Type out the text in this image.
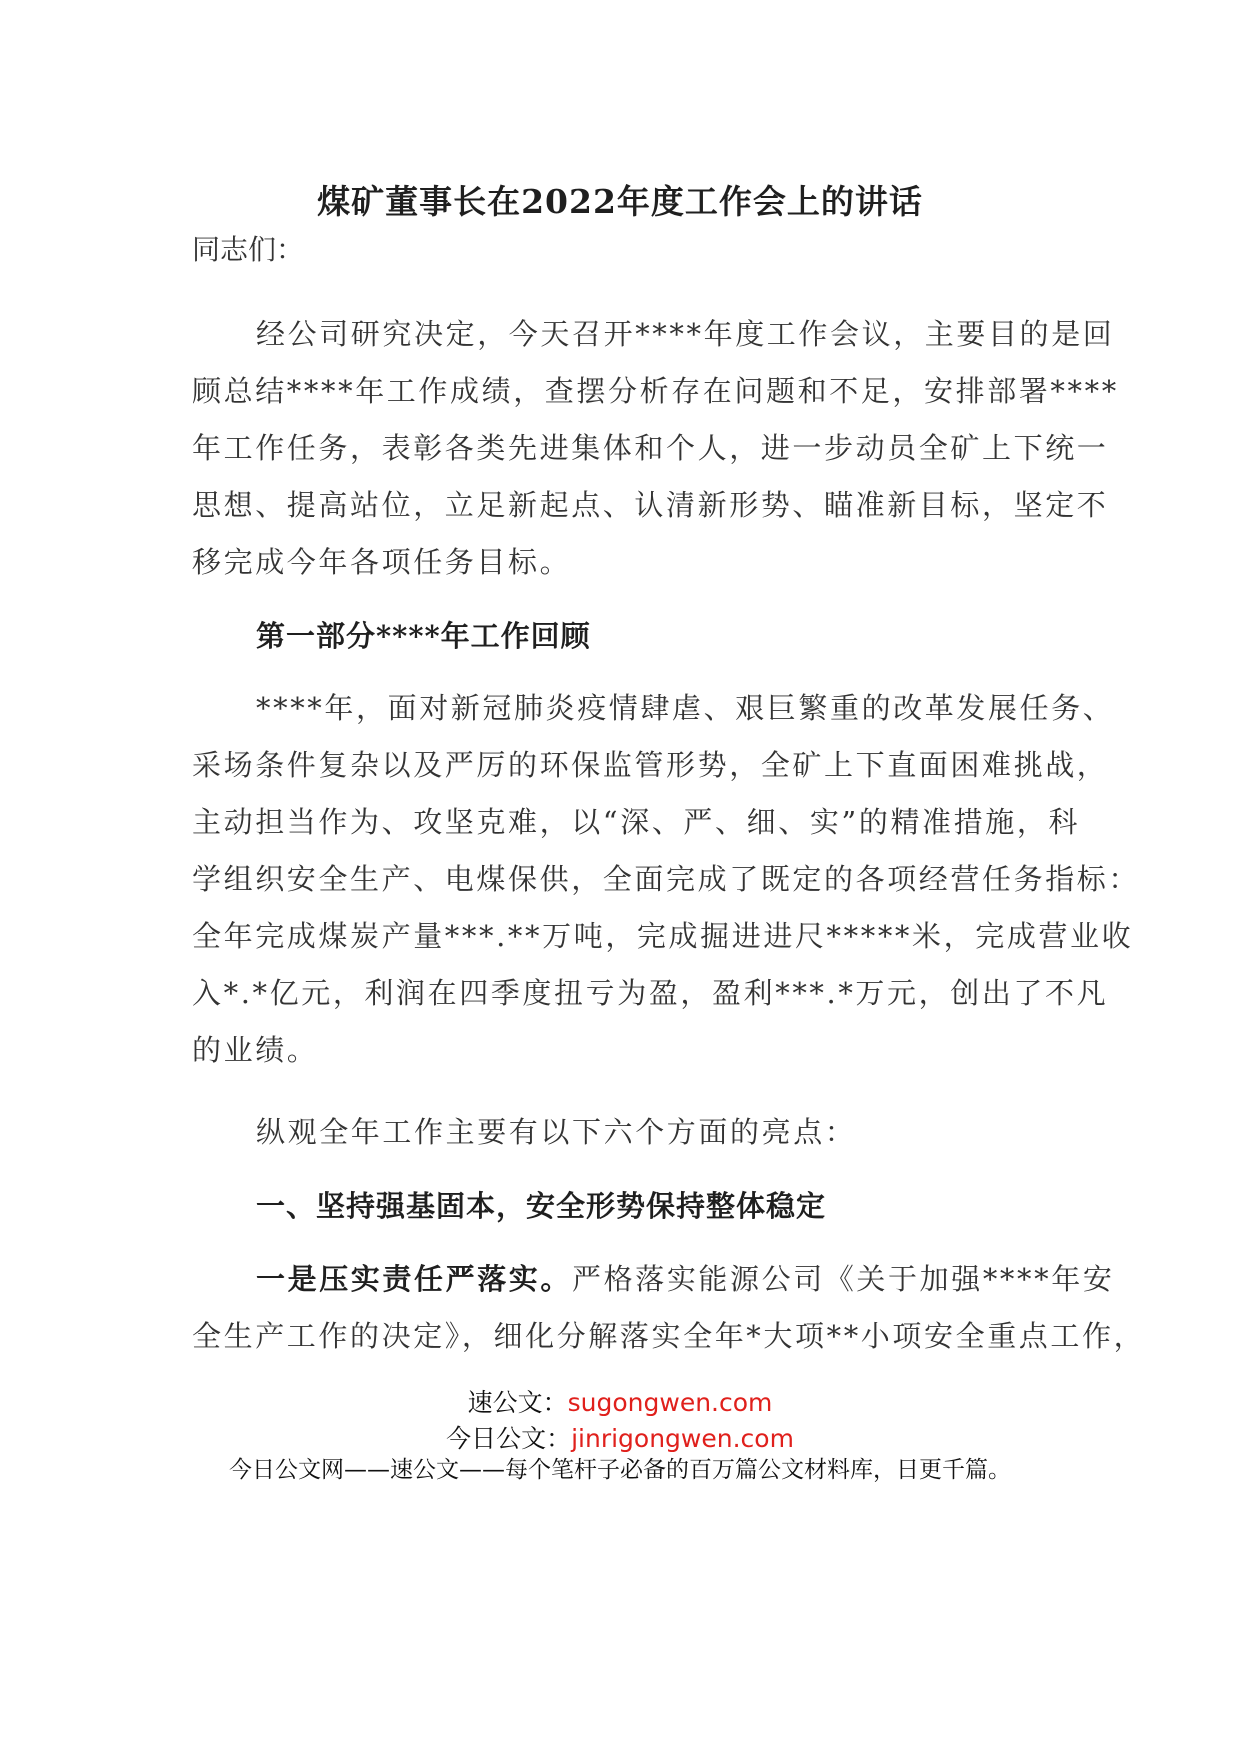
煤矿董事长在2022年度工作会上的讲话
同志们：
经公司研究决定，今天召开****年度工作会议，主要目的是回
顾总结****年工作成绩，查摆分析存在问题和不足，安排部署****
年工作任务，表彰各类先进集体和个人，进一步动员全矿上下统一
思想、提高站位，立足新起点、认清新形势、瞄准新目标，坚定不
移完成今年各项任务目标。
第一部分****年工作回顾
****年，面对新冠肺炎疫情肆虐、艰巨繁重的改革发展任务、
采场条件复杂以及严厉的环保监管形势，全矿上下直面困难挑战，
主动担当作为、攻坚克难，以“深、严、细、实”的精准措施，科
学组织安全生产、电煤保供，全面完成了既定的各项经营任务指标：
全年完成煤炭产量***.**万吨，完成掘进进尺*****米，完成营业收
入*.*亿元，利润在四季度扭亏为盈，盈利***.*万元，创出了不凡
的业绩。
纵观全年工作主要有以下六个方面的亮点：
一、坚持强基固本，安全形势保持整体稳定
一是压实责任严落实。严格落实能源公司《关于加强****年安
全生产工作的决定》，细化分解落实全年*大项**小项安全重点工作，
速公文：sugongwen.com
今日公文：jinrigongwen.com
今日公文网——速公文——每个笔杆子必备的百万篇公文材料库，日更千篇。
